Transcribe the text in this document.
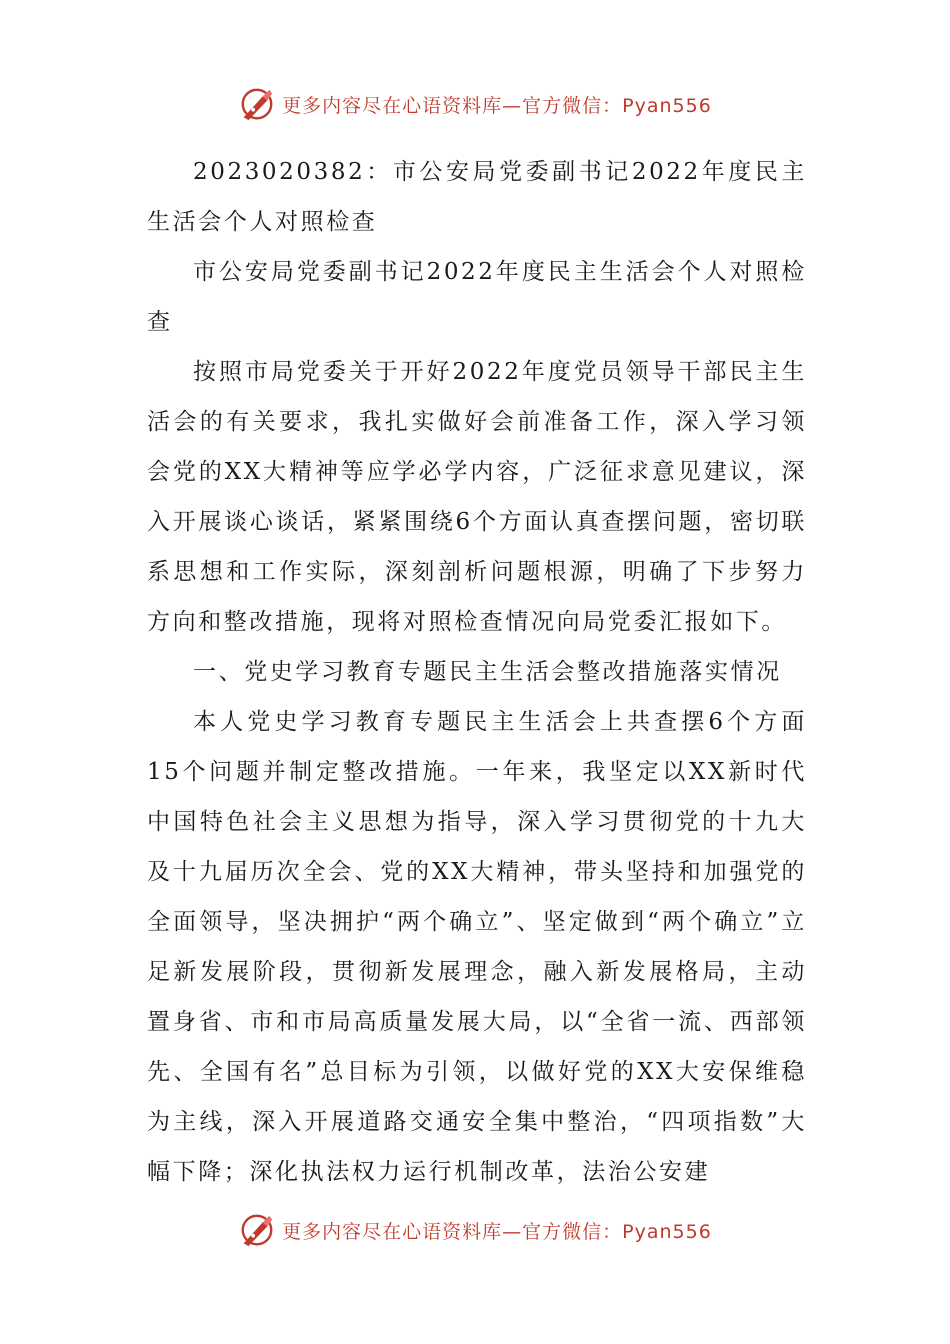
更多内容尽在心语资料库—官方微信：Pyan556

2023020382：市公安局党委副书记2022年度民主生活会个人对照检查

市公安局党委副书记2022年度民主生活会个人对照检查

按照市局党委关于开好2022年度党员领导干部民主生活会的有关要求，我扎实做好会前准备工作，深入学习领会党的XX大精神等应学必学内容，广泛征求意见建议，深入开展谈心谈话，紧紧围绕6个方面认真查摆问题，密切联系思想和工作实际，深刻剖析问题根源，明确了下步努力方向和整改措施，现将对照检查情况向局党委汇报如下。

一、党史学习教育专题民主生活会整改措施落实情况

本人党史学习教育专题民主生活会上共查摆6个方面15个问题并制定整改措施。一年来，我坚定以XX新时代中国特色社会主义思想为指导，深入学习贯彻党的十九大及十九届历次全会、党的XX大精神，带头坚持和加强党的全面领导，坚决拥护“两个确立”、坚定做到“两个确立”立足新发展阶段，贯彻新发展理念，融入新发展格局，主动置身省、市和市局高质量发展大局，以“全省一流、西部领先、全国有名”总目标为引领，以做好党的XX大安保维稳为主线，深入开展道路交通安全集中整治，“四项指数”大幅下降；深化执法权力运行机制改革，法治公安建

更多内容尽在心语资料库—官方微信：Pyan556
